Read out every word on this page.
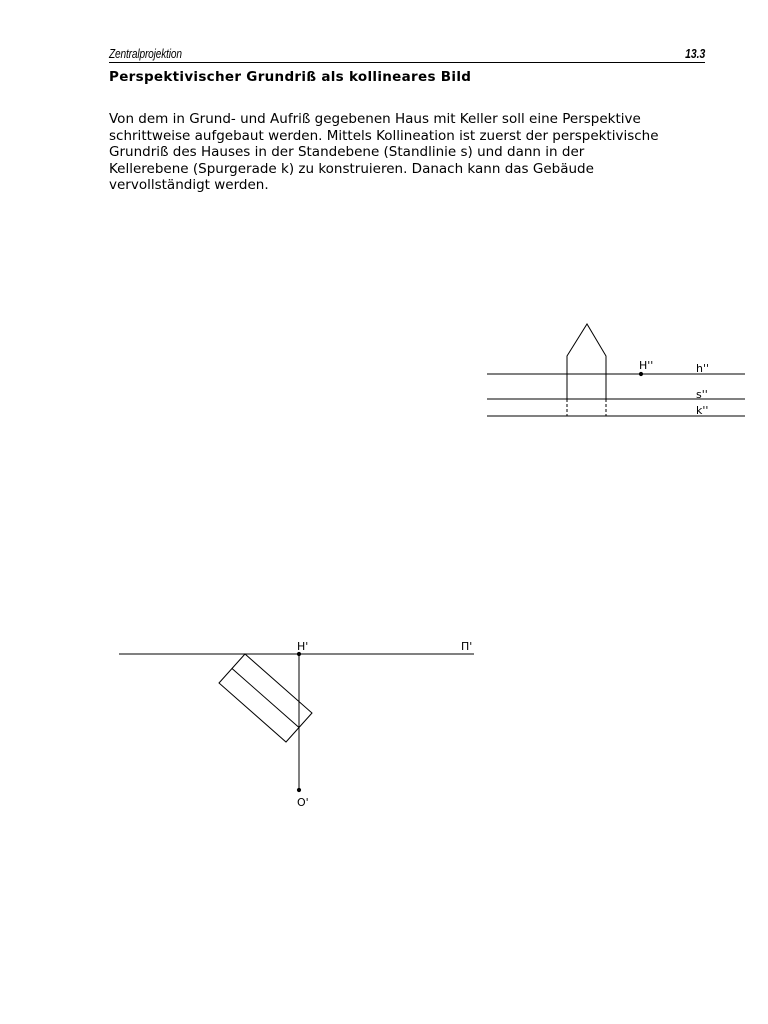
Zentralprojektion	13.3
Perspektivischer Grundriß als kollineares Bild

Von dem in Grund- und Aufriß gegebenen Haus mit Keller soll eine Perspektive

schrittweise aufgebaut werden. Mittels Kollineation ist zuerst der perspektivische

Grundriß des Hauses in der Standebene (Standlinie s) und dann in der

Kellerebene (Spurgerade k) zu konstruieren. Danach kann das Gebäude

vervollständigt werden.

H''	h''
s''
k''
H'	Π'
O'
